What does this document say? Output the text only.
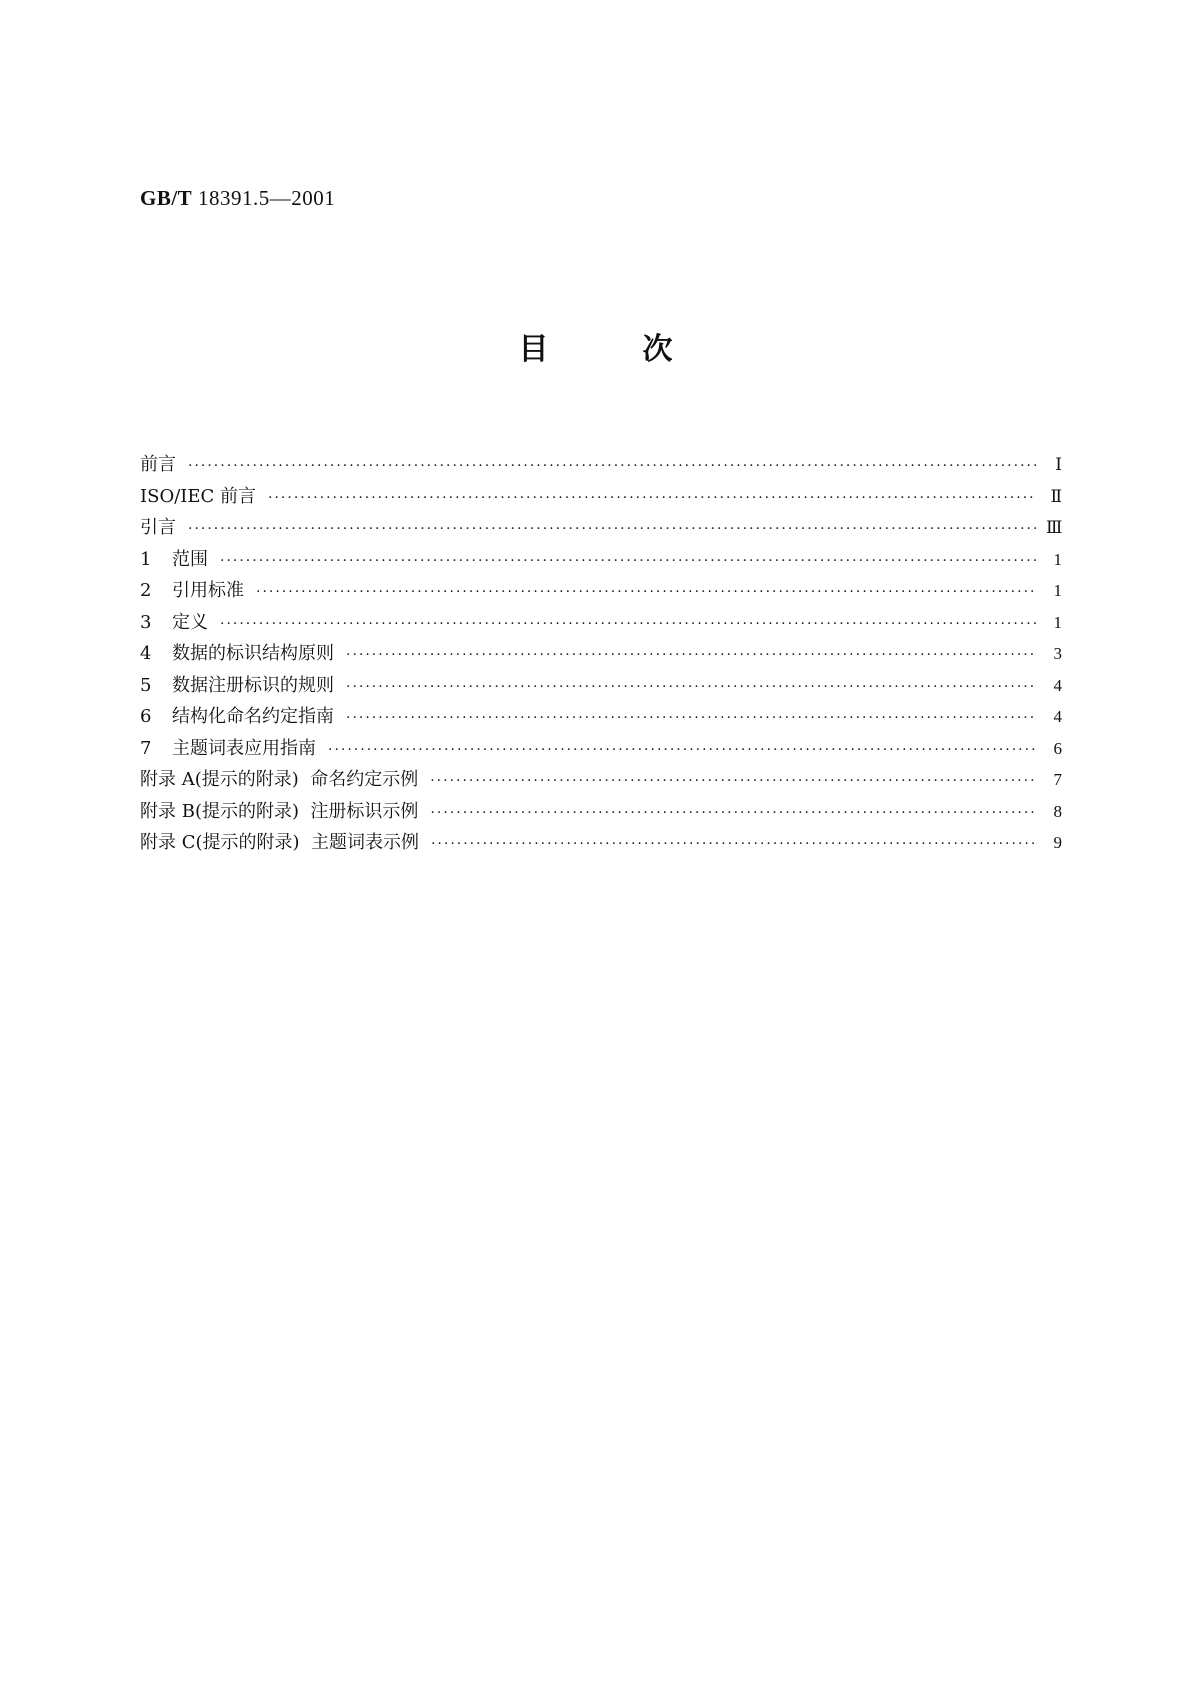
GB/T 18391.5—2001
目次
前言 ·····	Ⅰ
ISO/IEC 前言 ·····	Ⅱ
引言 ·····	Ⅲ
1 范围 ·····	1
2 引用标准 ·····	1
3 定义 ·····	1
4 数据的标识结构原则 ·····	3
5 数据注册标识的规则 ·····	4
6 结构化命名约定指南 ·····	4
7 主题词表应用指南 ·····	6
附录 A(提示的附录)  命名约定示例 ·····	7
附录 B(提示的附录)  注册标识示例 ·····	8
附录 C(提示的附录)  主题词表示例 ·····	9
